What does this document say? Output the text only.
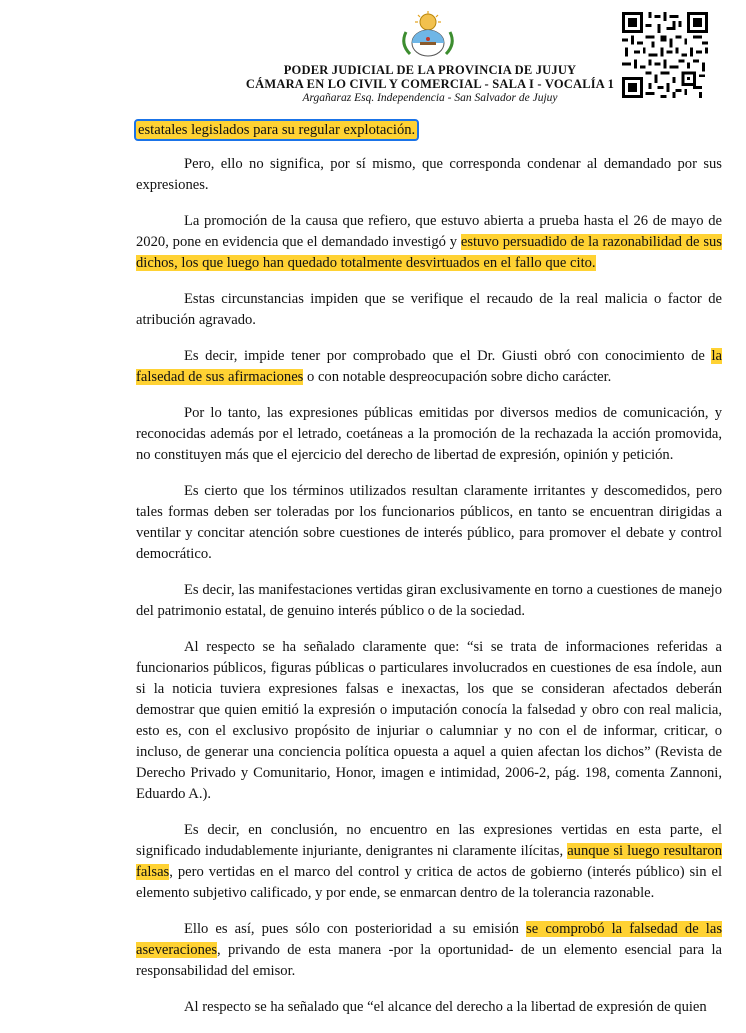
PODER JUDICIAL DE LA PROVINCIA DE JUJUY
CÁMARA EN LO CIVIL Y COMERCIAL - SALA I - VOCALÍA 1
Argañaraz Esq. Independencia - San Salvador de Jujuy

estatales legislados para su regular explotación.

Pero, ello no significa, por sí mismo, que corresponda condenar al demandado por sus expresiones.

La promoción de la causa que refiero, que estuvo abierta a prueba hasta el 26 de mayo de 2020, pone en evidencia que el demandado investigó y estuvo persuadido de la razonabilidad de sus dichos, los que luego han quedado totalmente desvirtuados en el fallo que cito.

Estas circunstancias impiden que se verifique el recaudo de la real malicia o factor de atribución agravado.

Es decir, impide tener por comprobado que el Dr. Giusti obró con conocimiento de la falsedad de sus afirmaciones o con notable despreocupación sobre dicho carácter.

Por lo tanto, las expresiones públicas emitidas por diversos medios de comunicación, y reconocidas además por el letrado, coetáneas a la promoción de la rechazada la acción promovida, no constituyen más que el ejercicio del derecho de libertad de expresión, opinión y petición.

Es cierto que los términos utilizados resultan claramente irritantes y descomedidos, pero tales formas deben ser toleradas por los funcionarios públicos, en tanto se encuentran dirigidas a ventilar y concitar atención sobre cuestiones de interés público, para promover el debate y control democrático.

Es decir, las manifestaciones vertidas giran exclusivamente en torno a cuestiones de manejo del patrimonio estatal, de genuino interés público o de la sociedad.

Al respecto se ha señalado claramente que: “si se trata de informaciones referidas a funcionarios públicos, figuras públicas o particulares involucrados en cuestiones de esa índole, aun si la noticia tuviera expresiones falsas e inexactas, los que se consideran afectados deberán demostrar que quien emitió la expresión o imputación conocía la falsedad y obro con real malicia, esto es, con el exclusivo propósito de injuriar o calumniar y no con el de informar, criticar, o incluso, de generar una conciencia política opuesta a aquel a quien afectan los dichos” (Revista de Derecho Privado y Comunitario, Honor, imagen e intimidad, 2006-2, pág. 198, comenta Zannoni, Eduardo A.).

Es decir, en conclusión, no encuentro en las expresiones vertidas en esta parte, el significado indudablemente injuriante, denigrantes ni claramente ilícitas, aunque si luego resultaron falsas, pero vertidas en el marco del control y critica de actos de gobierno (interés público) sin el elemento subjetivo calificado, y por ende, se enmarcan dentro de la tolerancia razonable.

Ello es así, pues sólo con posterioridad a su emisión se comprobó la falsedad de las aseveraciones, privando de esta manera -por la oportunidad- de un elemento esencial para la responsabilidad del emisor.

Al respecto se ha señalado que “el alcance del derecho a la libertad de expresión de quien
